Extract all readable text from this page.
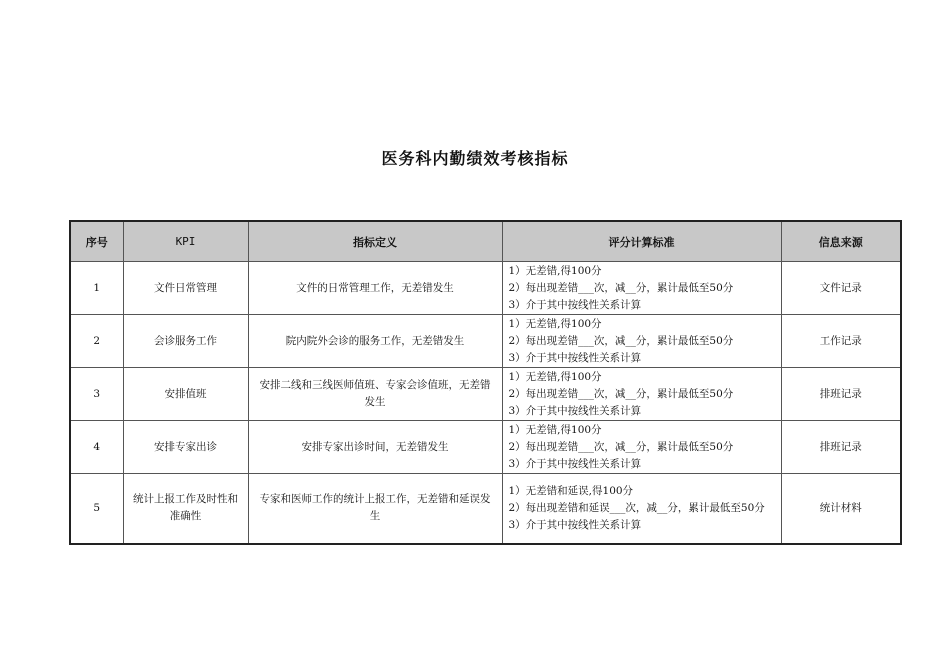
医务科内勤绩效考核指标
序号	KPI	指标定义	评分计算标准	信息来源
1	文件日常管理	文件的日常管理工作，无差错发生	1）无差错,得100分
2）每出现差错___次，减__分，累计最低至50分
3）介于其中按线性关系计算	文件记录
2	会诊服务工作	院内院外会诊的服务工作，无差错发生	1）无差错,得100分
2）每出现差错___次，减__分，累计最低至50分
3）介于其中按线性关系计算	工作记录
3	安排值班	安排二线和三线医师值班、专家会诊值班，无差错发生	1）无差错,得100分
2）每出现差错___次，减__分，累计最低至50分
3）介于其中按线性关系计算	排班记录
4	安排专家出诊	安排专家出诊时间，无差错发生	1）无差错,得100分
2）每出现差错___次，减__分，累计最低至50分
3）介于其中按线性关系计算	排班记录
5	统计上报工作及时性和准确性	专家和医师工作的统计上报工作，无差错和延误发生	1）无差错和延误,得100分
2）每出现差错和延误___次，减__分，累计最低至50分
3）介于其中按线性关系计算	统计材料
